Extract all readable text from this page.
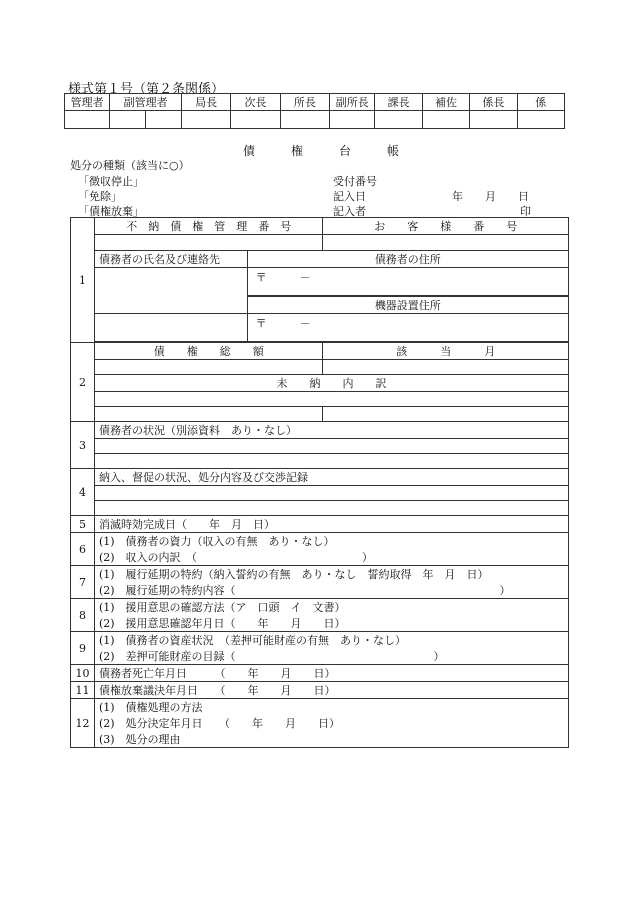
様式第１号（第２条関係）
管理者	副管理者	局長	次長	所長	副所長	課長	補佐	係長	係

債　　　権　　　台　　　帳
処分の種類（該当に○）
「徴収停止」
「免除」
「債権放棄」
受付番号
記入日	年　　月　　日
記入者	印
1	不　納　債　権　管　理　番　号		お　　客　　様　　番　　号

	債務者の氏名及び連絡先	債務者の住所	
		〒　　　－	

		機器設置住所	
		〒　　　－	

2	債　　権　　総　　額		該　　　当　　　月

	未　　納　　内　　訳		

3	債務者の状況（別添資料　あり・なし）		

4	納入、督促の状況、処分内容及び交渉記録		

5	消滅時効完成日（　　年　月　日）		
6	(1)　債務者の資力（収入の有無　あり・なし）		
	(2)　収入の内訳　（　　　　　　　　　　　　　　　）		
7	(1)　履行延期の特約（納入誓約の有無　あり・なし　誓約取得　年　月　日）		
	(2)　履行延期の特約内容（　　　　　　　　　　　　　　　　　　　　　　　　）		
8	(1)　援用意思の確認方法（ア　口頭　イ　文書）		
	(2)　援用意思確認年月日（　　年　　月　　日）		
9	(1)　債務者の資産状況　（差押可能財産の有無　あり・なし）		
	(2)　差押可能財産の目録（　　　　　　　　　　　　　　　　　　）		
10	債務者死亡年月日　　　（　　年　　月　　日）		
11	債権放棄議決年月日　　（　　年　　月　　日）		
12	(1)　債権処理の方法		
	(2)　処分決定年月日　　（　　年　　月　　日）		
	(3)　処分の理由		
